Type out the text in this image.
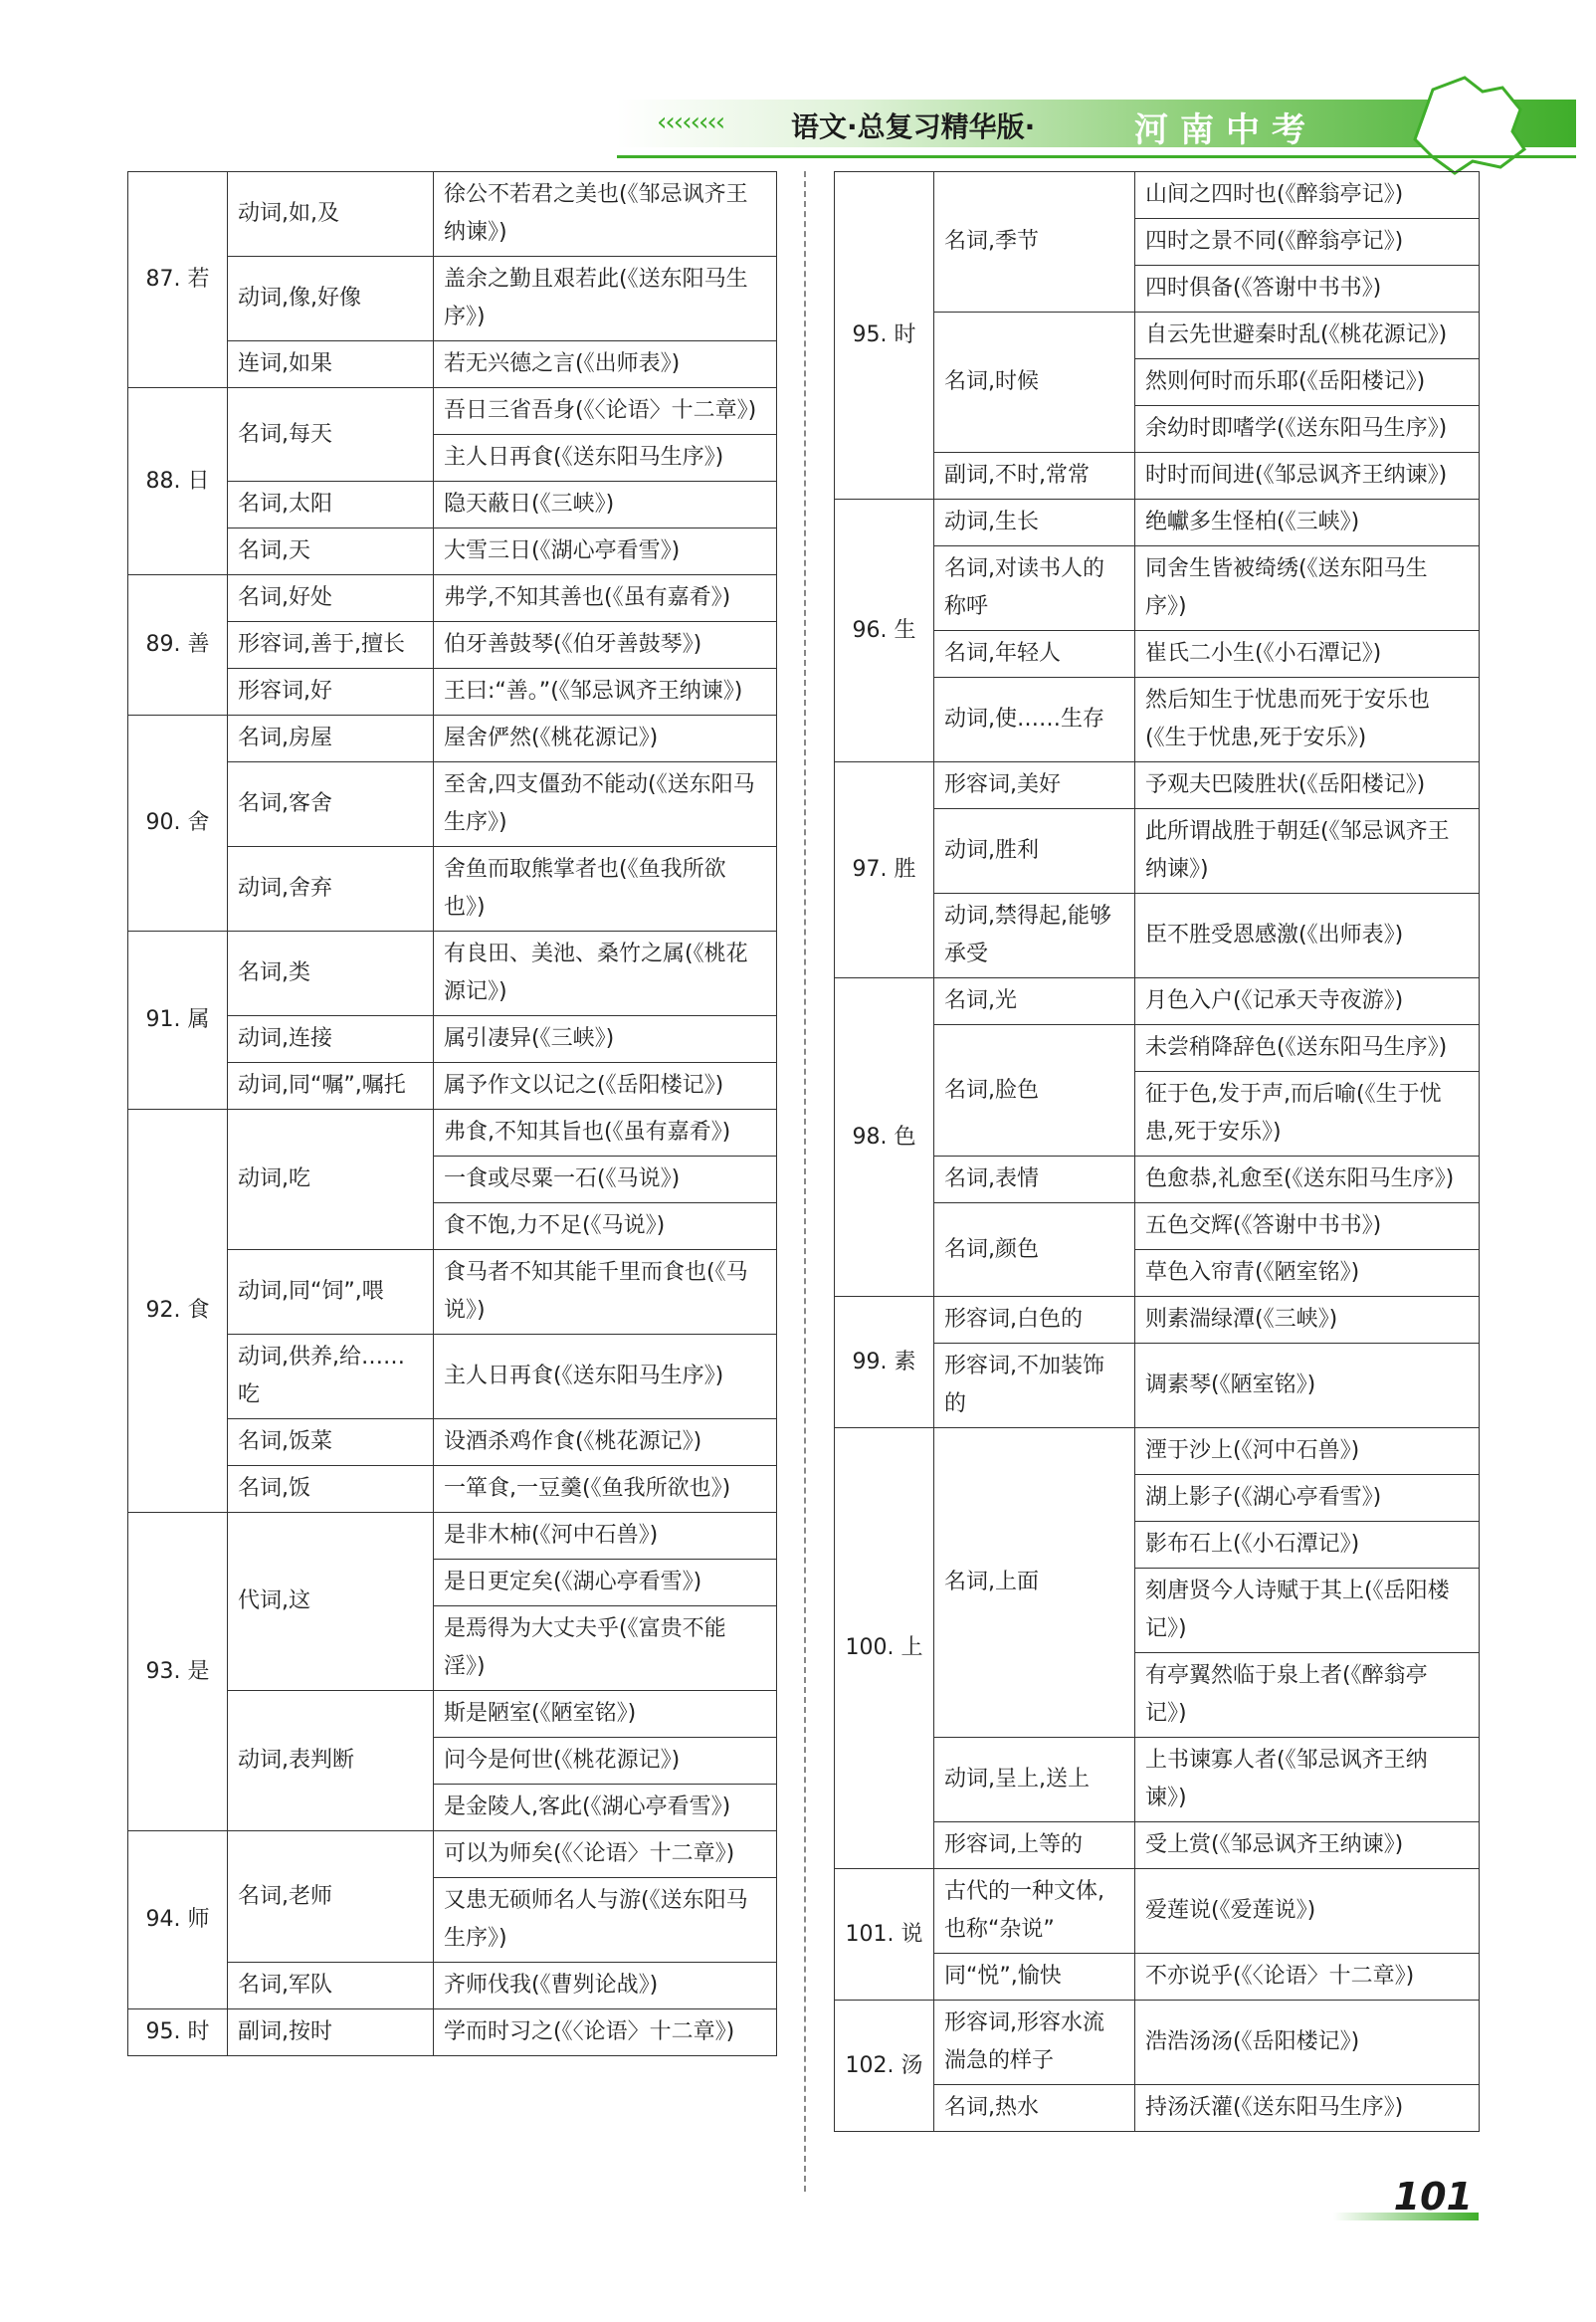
‹‹‹‹‹‹‹‹ 语文·总复习精华版·	河南中考
87. 若	动词,如,及	徐公不若君之美也(《邹忌讽齐王纳谏》)
	动词,像,好像	盖余之勤且艰若此(《送东阳马生序》)
	连词,如果	若无兴德之言(《出师表》)
88. 日	名词,每天	吾日三省吾身(《〈论语〉十二章》)
		主人日再食(《送东阳马生序》)
	名词,太阳	隐天蔽日(《三峡》)
	名词,天	大雪三日(《湖心亭看雪》)
89. 善	名词,好处	弗学,不知其善也(《虽有嘉肴》)
	形容词,善于,擅长	伯牙善鼓琴(《伯牙善鼓琴》)
	形容词,好	王曰:“善。”(《邹忌讽齐王纳谏》)
90. 舍	名词,房屋	屋舍俨然(《桃花源记》)
	名词,客舍	至舍,四支僵劲不能动(《送东阳马生序》)
	动词,舍弃	舍鱼而取熊掌者也(《鱼我所欲也》)
91. 属	名词,类	有良田、美池、桑竹之属(《桃花源记》)
	动词,连接	属引凄异(《三峡》)
	动词,同“嘱”,嘱托	属予作文以记之(《岳阳楼记》)
92. 食	动词,吃	弗食,不知其旨也(《虽有嘉肴》)
		一食或尽粟一石(《马说》)
		食不饱,力不足(《马说》)
	动词,同“饲”,喂	食马者不知其能千里而食也(《马说》)
	动词,供养,给……吃	主人日再食(《送东阳马生序》)
	名词,饭菜	设酒杀鸡作食(《桃花源记》)
	名词,饭	一箪食,一豆羹(《鱼我所欲也》)
93. 是	代词,这	是非木柿(《河中石兽》)
		是日更定矣(《湖心亭看雪》)
		是焉得为大丈夫乎(《富贵不能淫》)
	动词,表判断	斯是陋室(《陋室铭》)
		问今是何世(《桃花源记》)
		是金陵人,客此(《湖心亭看雪》)
94. 师	名词,老师	可以为师矣(《〈论语〉十二章》)
		又患无硕师名人与游(《送东阳马生序》)
	名词,军队	齐师伐我(《曹刿论战》)
95. 时	副词,按时	学而时习之(《〈论语〉十二章》)
95. 时	名词,季节	山间之四时也(《醉翁亭记》)
		四时之景不同(《醉翁亭记》)
		四时俱备(《答谢中书书》)
	名词,时候	自云先世避秦时乱(《桃花源记》)
		然则何时而乐耶(《岳阳楼记》)
		余幼时即嗜学(《送东阳马生序》)
	副词,不时,常常	时时而间进(《邹忌讽齐王纳谏》)
96. 生	动词,生长	绝巘多生怪柏(《三峡》)
	名词,对读书人的称呼	同舍生皆被绮绣(《送东阳马生序》)
	名词,年轻人	崔氏二小生(《小石潭记》)
	动词,使……生存	然后知生于忧患而死于安乐也(《生于忧患,死于安乐》)
97. 胜	形容词,美好	予观夫巴陵胜状(《岳阳楼记》)
	动词,胜利	此所谓战胜于朝廷(《邹忌讽齐王纳谏》)
	动词,禁得起,能够承受	臣不胜受恩感激(《出师表》)
98. 色	名词,光	月色入户(《记承天寺夜游》)
	名词,脸色	未尝稍降辞色(《送东阳马生序》)
		征于色,发于声,而后喻(《生于忧患,死于安乐》)
	名词,表情	色愈恭,礼愈至(《送东阳马生序》)
	名词,颜色	五色交辉(《答谢中书书》)
		草色入帘青(《陋室铭》)
99. 素	形容词,白色的	则素湍绿潭(《三峡》)
	形容词,不加装饰的	调素琴(《陋室铭》)
100. 上	名词,上面	湮于沙上(《河中石兽》)
		湖上影子(《湖心亭看雪》)
		影布石上(《小石潭记》)
		刻唐贤今人诗赋于其上(《岳阳楼记》)
		有亭翼然临于泉上者(《醉翁亭记》)
	动词,呈上,送上	上书谏寡人者(《邹忌讽齐王纳谏》)
	形容词,上等的	受上赏(《邹忌讽齐王纳谏》)
101. 说	古代的一种文体,也称“杂说”	爱莲说(《爱莲说》)
	同“悦”,愉快	不亦说乎(《〈论语〉十二章》)
102. 汤	形容词,形容水流湍急的样子	浩浩汤汤(《岳阳楼记》)
	名词,热水	持汤沃灌(《送东阳马生序》)
101
